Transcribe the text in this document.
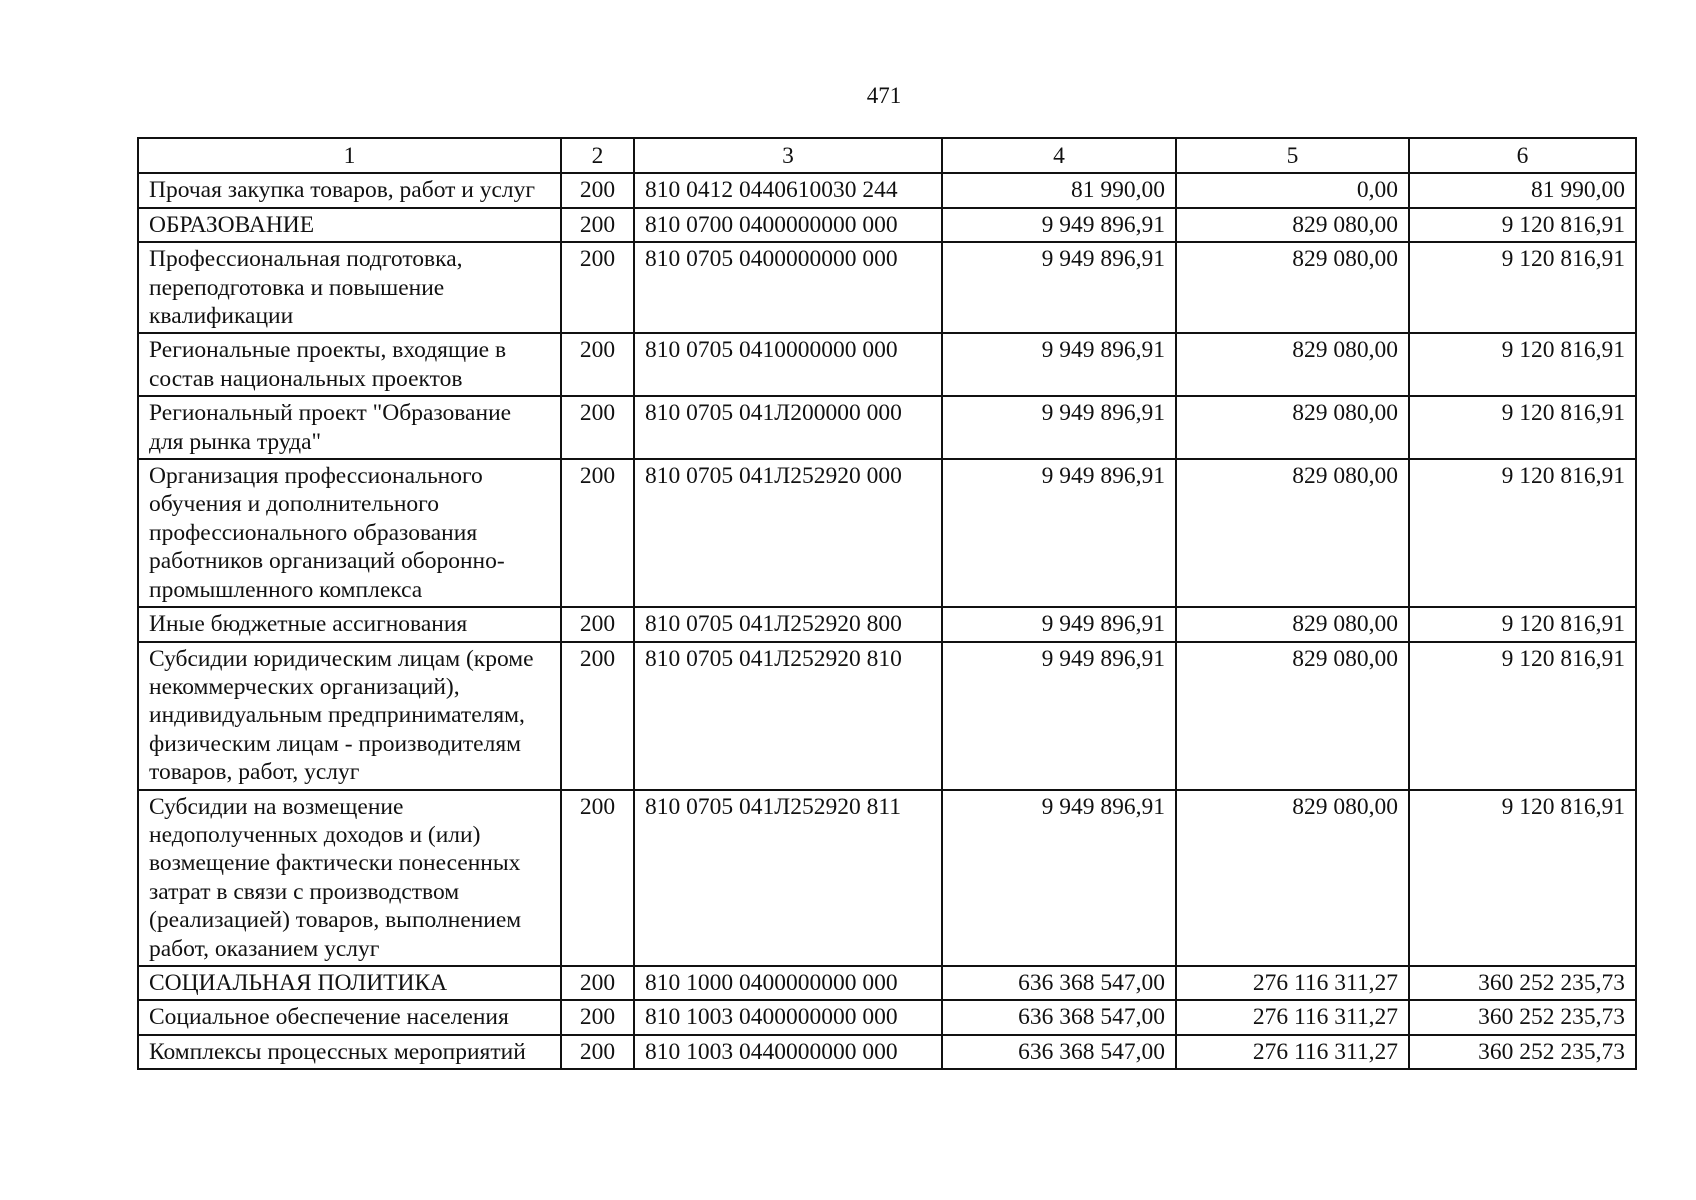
471
1	2	3	4	5	6
Прочая закупка товаров, работ и услуг	200	810 0412 0440610030 244	81 990,00	0,00	81 990,00
ОБРАЗОВАНИЕ	200	810 0700 0400000000 000	9 949 896,91	829 080,00	9 120 816,91
Профессиональная подготовка, переподготовка и повышение квалификации	200	810 0705 0400000000 000	9 949 896,91	829 080,00	9 120 816,91
Региональные проекты, входящие в состав национальных проектов	200	810 0705 0410000000 000	9 949 896,91	829 080,00	9 120 816,91
Региональный проект "Образование для рынка труда"	200	810 0705 041Л200000 000	9 949 896,91	829 080,00	9 120 816,91
Организация профессионального обучения и дополнительного профессионального образования работников организаций оборонно-промышленного комплекса	200	810 0705 041Л252920 000	9 949 896,91	829 080,00	9 120 816,91
Иные бюджетные ассигнования	200	810 0705 041Л252920 800	9 949 896,91	829 080,00	9 120 816,91
Субсидии юридическим лицам (кроме некоммерческих организаций), индивидуальным предпринимателям, физическим лицам - производителям товаров, работ, услуг	200	810 0705 041Л252920 810	9 949 896,91	829 080,00	9 120 816,91
Субсидии на возмещение недополученных доходов и (или) возмещение фактически понесенных затрат в связи с производством (реализацией) товаров, выполнением работ, оказанием услуг	200	810 0705 041Л252920 811	9 949 896,91	829 080,00	9 120 816,91
СОЦИАЛЬНАЯ ПОЛИТИКА	200	810 1000 0400000000 000	636 368 547,00	276 116 311,27	360 252 235,73
Социальное обеспечение населения	200	810 1003 0400000000 000	636 368 547,00	276 116 311,27	360 252 235,73
Комплексы процессных мероприятий	200	810 1003 0440000000 000	636 368 547,00	276 116 311,27	360 252 235,73
